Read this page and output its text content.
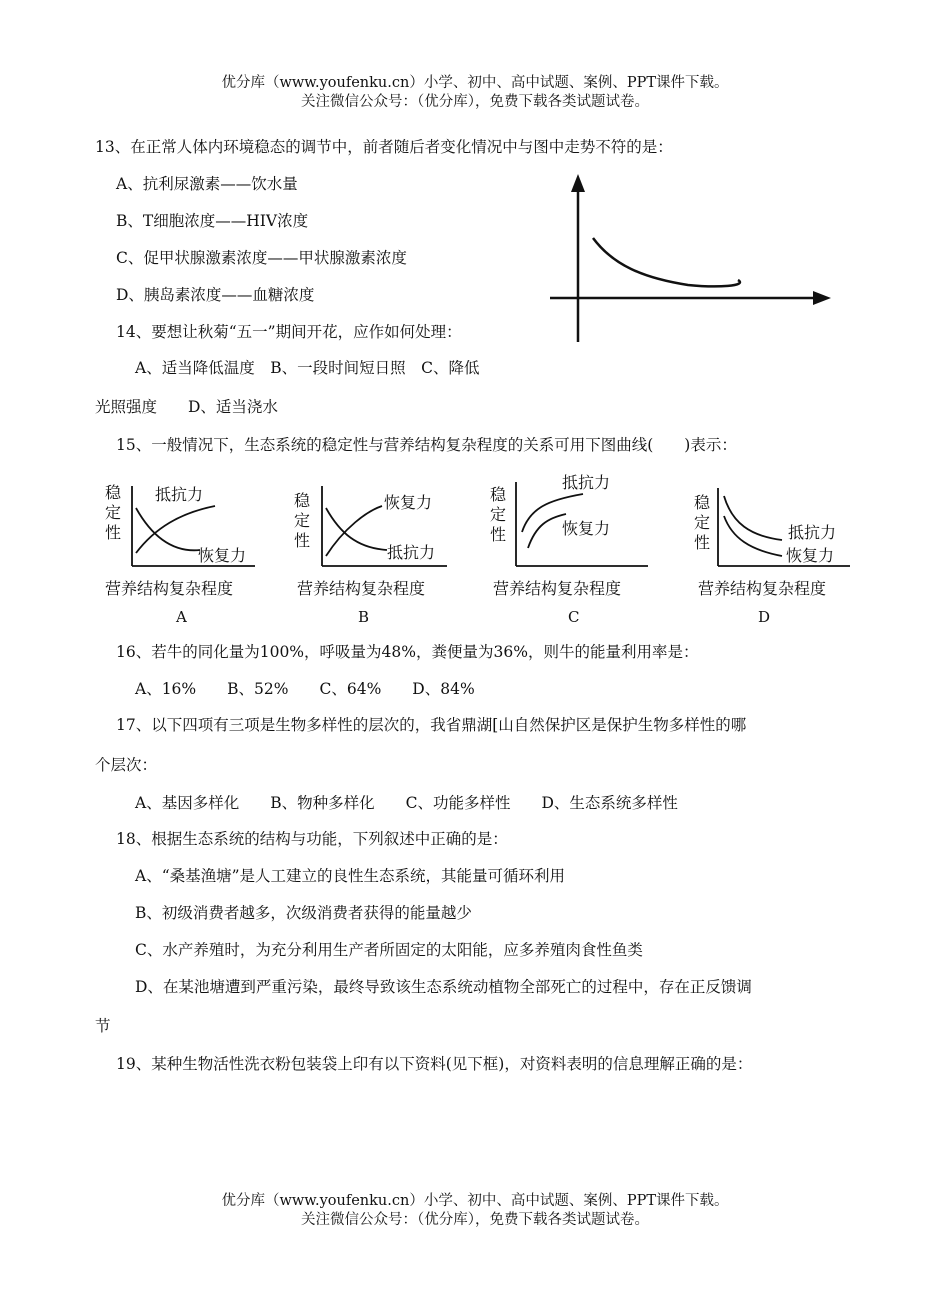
优分库（www.youfenku.cn）小学、初中、高中试题、案例、PPT课件下载。
关注微信公众号：（优分库），免费下载各类试题试卷。
13、在正常人体内环境稳态的调节中，前者随后者变化情况中与图中走势不符的是：
A、抗利尿激素——饮水量
B、T细胞浓度——HIV浓度
C、促甲状腺激素浓度——甲状腺激素浓度
D、胰岛素浓度——血糖浓度
14、要想让秋菊“五一”期间开花，应作如何处理：
A、适当降低温度　B、一段时间短日照　C、降低
光照强度　　D、适当浇水
15、一般情况下，生态系统的稳定性与营养结构复杂程度的关系可用下图曲线(　　)表示：
稳
定
性
抵抗力
恢复力
营养结构复杂程度
A
稳
定
性
恢复力
抵抗力
营养结构复杂程度
B
稳
定
性
抵抗力
恢复力
营养结构复杂程度
C
稳
定
性
抵抗力
恢复力
营养结构复杂程度
D
16、若牛的同化量为100%，呼吸量为48%，粪便量为36%，则牛的能量利用率是：
A、16%　　B、52%　　C、64%　　D、84%
17、以下四项有三项是生物多样性的层次的，我省鼎湖[山自然保护区是保护生物多样性的哪
个层次：
A、基因多样化　　B、物种多样化　　C、功能多样性　　D、生态系统多样性
18、根据生态系统的结构与功能，下列叙述中正确的是：
A、“桑基渔塘”是人工建立的良性生态系统，其能量可循环利用
B、初级消费者越多，次级消费者获得的能量越少
C、水产养殖时，为充分利用生产者所固定的太阳能，应多养殖肉食性鱼类
D、在某池塘遭到严重污染，最终导致该生态系统动植物全部死亡的过程中，存在正反馈调
节
19、某种生物活性洗衣粉包装袋上印有以下资料(见下框)，对资料表明的信息理解正确的是：
优分库（www.youfenku.cn）小学、初中、高中试题、案例、PPT课件下载。
关注微信公众号：（优分库），免费下载各类试题试卷。
